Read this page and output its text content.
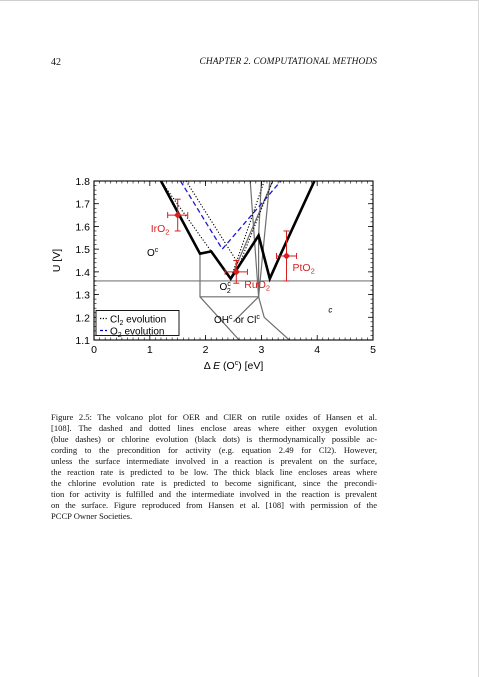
42	CHAPTER 2. COMPUTATIONAL METHODS
IrO$_2$
RuO$_2$
PtO$_2$
0	1	2	3	4	5
1.1
1.2
1.3
1.4
1.5
1.6
1.7
1.8
Δ E $(O^c)$ [eV]
U [V]	$O^c$
$O^c$ 2
$OH^c$ or Cl$^c$
c
$Cl_2$ evolution
$O_2$ evolution
Figure 2.5: The volcano plot for OER and ClER on rutile oxides of Hansen et al.
[108]. The dashed and dotted lines enclose areas where either oxygen evolution
(blue dashes) or chlorine evolution (black dots) is thermodynamically possible ac-
cording to the precondition for activity (e.g. equation 2.49 for Cl2). However,
unless the surface intermediate involved in a reaction is prevalent on the surface,
the reaction rate is predicted to be low. The thick black line encloses areas where
the chlorine evolution rate is predicted to become significant, since the precondi-
tion for activity is fulfilled and the intermediate involved in the reaction is prevalent
on the surface. Figure reproduced from Hansen et al. [108] with permission of the
PCCP Owner Societies.
